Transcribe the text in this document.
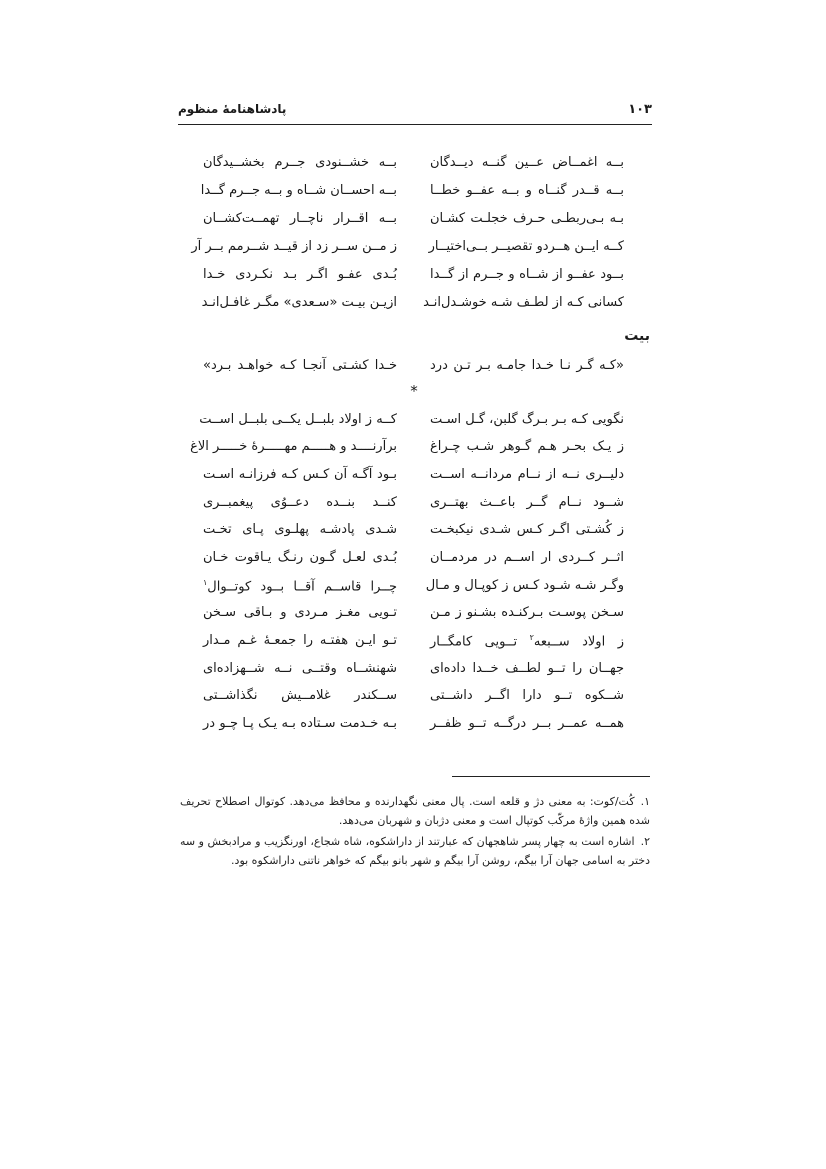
۱۰۳
پادشاهنامهٔ منظوم
بــه اغمــاض عــین گنــه دیــدگان
بــه خشــنودی جــرم بخشــیدگان
بــه قــدر گنــاه و بــه عفــو خطــا
بــه احســان شــاه و بــه جــرم گــدا
بـه بـی‌ربطـی حـرف خجلـت کشـان
بــه اقــرار ناچــار تهمــت‌کشــان
کــه ایــن هــردو تقصیــر بــی‌اختیــار
ز مــن ســر زد از قیــد شــرمم بــر آر
بــود عفــو از شــاه و جــرم از گــدا
بُـدی عفـو اگـر بـد نکـردی خـدا
کسانی کـه از لطـف شـه خوشـدل‌انـد
ازیـن بیـت «سـعدی» مگـر غافـل‌انـد
بیت
«کـه گـر نـا خـدا جامـه بـر تـن درد
خـدا کشـتی آنجـا کـه خواهـد بـرد»
*
نگویی کـه بـر بـرگ گلبن، گـل اسـت
کــه ز اولاد بلبــل یکــی بلبــل اســت
ز یـک بحـر هـم گـوهر شـب چـراغ
برآرنــــد و هـــــم مهـــــرهٔ خـــــر الاغ
دلیــری نــه از نــام مردانــه اســت
بـود آگـه آن کـس کـه فرزانـه اسـت
شــود نــام گــر باعــث بهتــری
کنــد بنــده دعــوُی پیغمبــری
ز کُشـتی اگـر کـس شـدی نیکبخـت
شـدی پادشـه پهلـوی پـای تخـت
اثــر کــردی ار اســم در مردمــان
بُـدی لعـل گـون رنـگ یـاقوت خـان
وگـر شـه شـود کـس ز کوپـال و مـال
چــرا قاســم آقــا بــود کوتــوال$^۱$
سـخن پوسـت بـرکنـده بشـنو ز مـن
تـویی مغـز مـردی و بـاقی سـخن
ز اولاد ســبعه$^۲$ تــویی کامگــار
تـو ایـن هفتـه را جمعـهٔ غـم مـدار
جهــان را تــو لطــف خــدا داده‌ای
شهنشــاه وقتــی نــه شــهزاده‌ای
شــکوه تــو دارا اگــر داشــتی
ســکندر غلامــیش نگذاشــتی
همــه عمــر بــر درگــه تــو ظفــر
بـه خـدمت سـتاده بـه یـک پـا چـو در
۱.کُت/کوت: به معنی دژ و قلعه است. پال معنی نگهدارنده و محافظ می‌دهد. کوتوال اصطلاح تحریف شده همین واژهٔ مرکّب کوتپال است و معنی دژبان و شهربان می‌دهد.
۲.اشاره است به چهار پسر شاهجهان که عبارتند از داراشکوه، شاه شجاع، اورنگزیب و مرادبخش و سه دختر به اسامی جهان آرا بیگم، روشن آرا بیگم و شهر بانو بیگم که خواهر ناتنی داراشکوه بود.
